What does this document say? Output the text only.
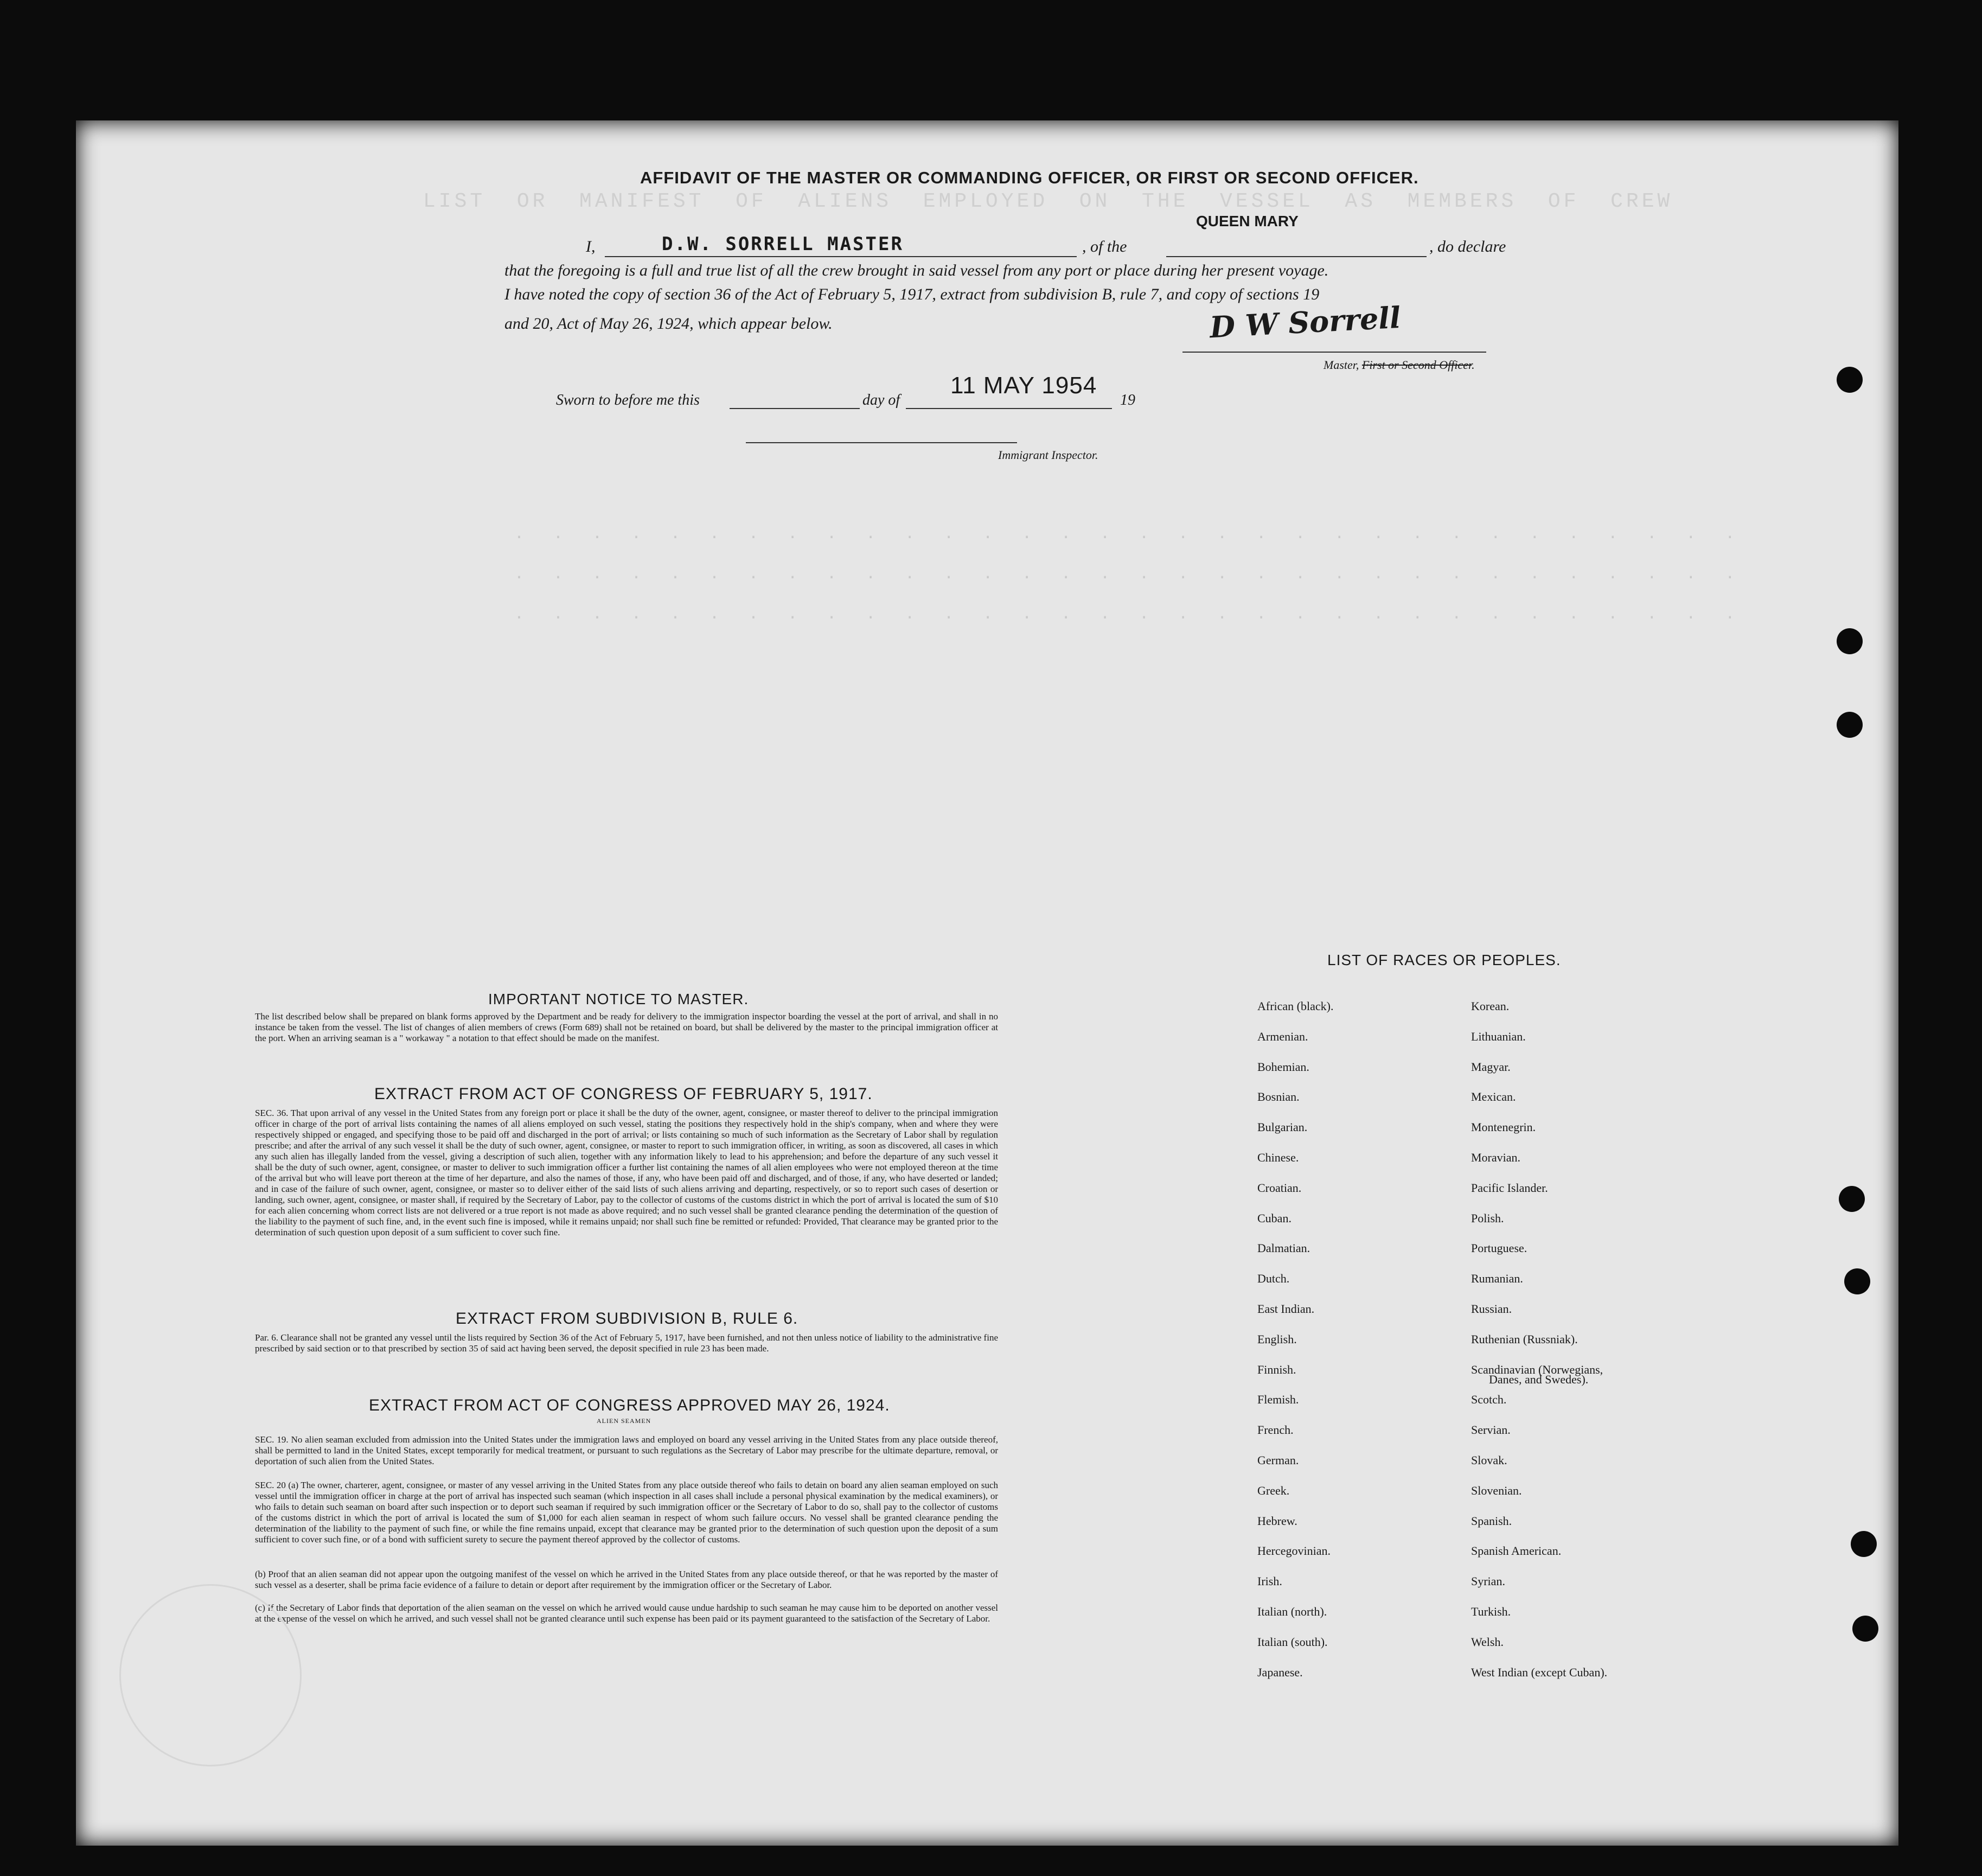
LIST  OR  MANIFEST  OF  ALIENS  EMPLOYED  ON  THE  VESSEL  AS  MEMBERS  OF  CREW

·  ·  ·  ·  ·  ·  ·  ·  ·  ·  ·  ·  ·  ·  ·  ·  ·  ·  ·  ·  ·  ·  ·  ·  ·  ·  ·  ·  ·  ·  ·  ·
·  ·  ·  ·  ·  ·  ·  ·  ·  ·  ·  ·  ·  ·  ·  ·  ·  ·  ·  ·  ·  ·  ·  ·  ·  ·  ·  ·  ·  ·  ·  ·
·  ·  ·  ·  ·  ·  ·  ·  ·  ·  ·  ·  ·  ·  ·  ·  ·  ·  ·  ·  ·  ·  ·  ·  ·  ·  ·  ·  ·  ·  ·  ·
AFFIDAVIT OF THE MASTER OR COMMANDING OFFICER, OR FIRST OR SECOND OFFICER.
QUEEN MARY
I,	D.W. SORRELL MASTER	, of the	, do declare
that the foregoing is a full and true list of all the crew brought in said vessel from any port or place during her present voyage.
I have noted the copy of section 36 of the Act of February 5, 1917, extract from subdivision B, rule 7, and copy of sections 19
and 20, Act of May 26, 1924, which appear below.	D W Sorrell
Master, First or Second Officer.
Sworn to before me this	day of
11 MAY 1954
19
Immigrant Inspector.
IMPORTANT NOTICE TO MASTER.
The list described below shall be prepared on blank forms approved by the Department and be ready for delivery to the immigration inspector boarding the vessel at the port of arrival, and shall in no instance be taken from the vessel. The list of changes of alien members of crews (Form 689) shall not be retained on board, but shall be delivered by the master to the principal immigration officer at the port. When an arriving seaman is a " workaway " a notation to that effect should be made on the manifest.
EXTRACT FROM ACT OF CONGRESS OF FEBRUARY 5, 1917.
SEC. 36. That upon arrival of any vessel in the United States from any foreign port or place it shall be the duty of the owner, agent, consignee, or master thereof to deliver to the principal immigration officer in charge of the port of arrival lists containing the names of all aliens employed on such vessel, stating the positions they respectively hold in the ship's company, when and where they were respectively shipped or engaged, and specifying those to be paid off and discharged in the port of arrival; or lists containing so much of such information as the Secretary of Labor shall by regulation prescribe; and after the arrival of any such vessel it shall be the duty of such owner, agent, consignee, or master to report to such immigration officer, in writing, as soon as discovered, all cases in which any such alien has illegally landed from the vessel, giving a description of such alien, together with any information likely to lead to his apprehension; and before the departure of any such vessel it shall be the duty of such owner, agent, consignee, or master to deliver to such immigration officer a further list containing the names of all alien employees who were not employed thereon at the time of the arrival but who will leave port thereon at the time of her departure, and also the names of those, if any, who have been paid off and discharged, and of those, if any, who have deserted or landed; and in case of the failure of such owner, agent, consignee, or master so to deliver either of the said lists of such aliens arriving and departing, respectively, or so to report such cases of desertion or landing, such owner, agent, consignee, or master shall, if required by the Secretary of Labor, pay to the collector of customs of the customs district in which the port of arrival is located the sum of $10 for each alien concerning whom correct lists are not delivered or a true report is not made as above required; and no such vessel shall be granted clearance pending the determination of the question of the liability to the payment of such fine, and, in the event such fine is imposed, while it remains unpaid; nor shall such fine be remitted or refunded: Provided, That clearance may be granted prior to the determination of such question upon deposit of a sum sufficient to cover such fine.
EXTRACT FROM SUBDIVISION B, RULE 6.
Par. 6. Clearance shall not be granted any vessel until the lists required by Section 36 of the Act of February 5, 1917, have been furnished, and not then unless notice of liability to the administrative fine prescribed by said section or to that prescribed by section 35 of said act having been served, the deposit specified in rule 23 has been made.
EXTRACT FROM ACT OF CONGRESS APPROVED MAY 26, 1924.
ALIEN SEAMEN
SEC. 19. No alien seaman excluded from admission into the United States under the immigration laws and employed on board any vessel arriving in the United States from any place outside thereof, shall be permitted to land in the United States, except temporarily for medical treatment, or pursuant to such regulations as the Secretary of Labor may prescribe for the ultimate departure, removal, or deportation of such alien from the United States.
SEC. 20 (a) The owner, charterer, agent, consignee, or master of any vessel arriving in the United States from any place outside thereof who fails to detain on board any alien seaman employed on such vessel until the immigration officer in charge at the port of arrival has inspected such seaman (which inspection in all cases shall include a personal physical examination by the medical examiners), or who fails to detain such seaman on board after such inspection or to deport such seaman if required by such immigration officer or the Secretary of Labor to do so, shall pay to the collector of customs of the customs district in which the port of arrival is located the sum of $1,000 for each alien seaman in respect of whom such failure occurs. No vessel shall be granted clearance pending the determination of the liability to the payment of such fine, or while the fine remains unpaid, except that clearance may be granted prior to the determination of such question upon the deposit of a sum sufficient to cover such fine, or of a bond with sufficient surety to secure the payment thereof approved by the collector of customs.
(b) Proof that an alien seaman did not appear upon the outgoing manifest of the vessel on which he arrived in the United States from any place outside thereof, or that he was reported by the master of such vessel as a deserter, shall be prima facie evidence of a failure to detain or deport after requirement by the immigration officer or the Secretary of Labor.
(c) If the Secretary of Labor finds that deportation of the alien seaman on the vessel on which he arrived would cause undue hardship to such seaman he may cause him to be deported on another vessel at the expense of the vessel on which he arrived, and such vessel shall not be granted clearance until such expense has been paid or its payment guaranteed to the satisfaction of the Secretary of Labor.
LIST OF RACES OR PEOPLES.
African (black).
Armenian.
Bohemian.
Bosnian.
Bulgarian.
Chinese.
Croatian.
Cuban.
Dalmatian.
Dutch.
East Indian.
English.
Finnish.
Flemish.
French.
German.
Greek.
Hebrew.
Hercegovinian.
Irish.
Italian (north).
Italian (south).
Japanese.
Korean.
Lithuanian.
Magyar.
Mexican.
Montenegrin.
Moravian.
Pacific Islander.
Polish.
Portuguese.
Rumanian.
Russian.
Ruthenian (Russniak).
Scandinavian (Norwegians,
Scotch.
Servian.
Slovak.
Slovenian.
Spanish.
Spanish American.
Syrian.
Turkish.
Welsh.
West Indian (except Cuban).
Danes, and Swedes).
